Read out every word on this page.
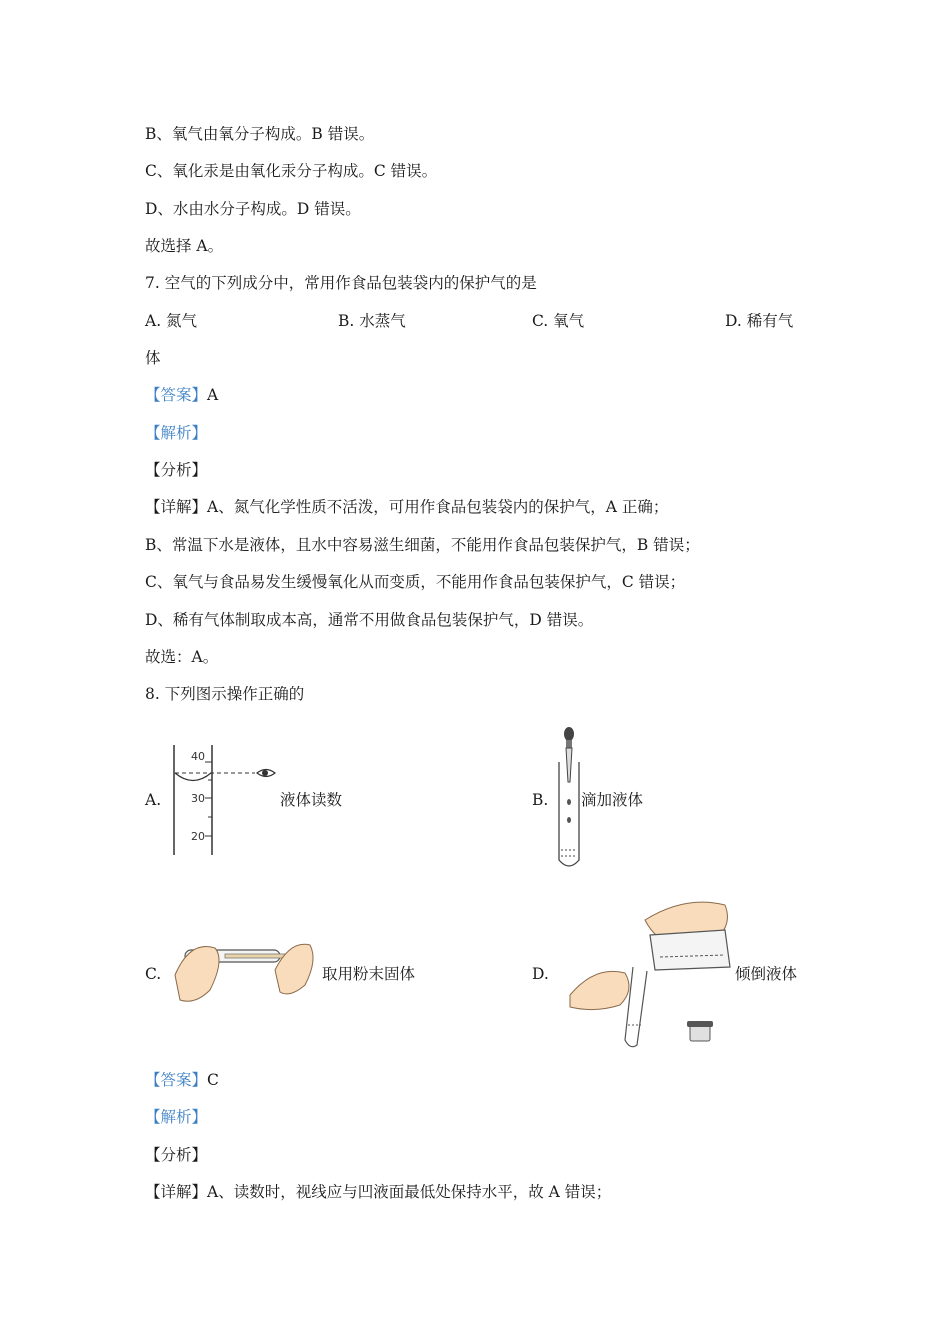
B、氧气由氧分子构成。B 错误。
C、氧化汞是由氧化汞分子构成。C 错误。
D、水由水分子构成。D 错误。
故选择 A。
7. 空气的下列成分中，常用作食品包装袋内的保护气的是
A. 氮气	B. 水蒸气	C. 氧气	D. 稀有气
体
【答案】A
【解析】
【分析】
【详解】A、氮气化学性质不活泼，可用作食品包装袋内的保护气，A 正确；
B、常温下水是液体，且水中容易滋生细菌，不能用作食品包装保护气，B 错误；
C、氧气与食品易发生缓慢氧化从而变质，不能用作食品包装保护气，C 错误；
D、稀有气体制取成本高，通常不用做食品包装保护气，D 错误。
故选：A。
8. 下列图示操作正确的
A.
40
30
20
液体读数	B. 滴加液体
C.	取用粉末固体	D.	倾倒液体
【答案】C
【解析】
【分析】
【详解】A、读数时，视线应与凹液面最低处保持水平，故 A 错误；
